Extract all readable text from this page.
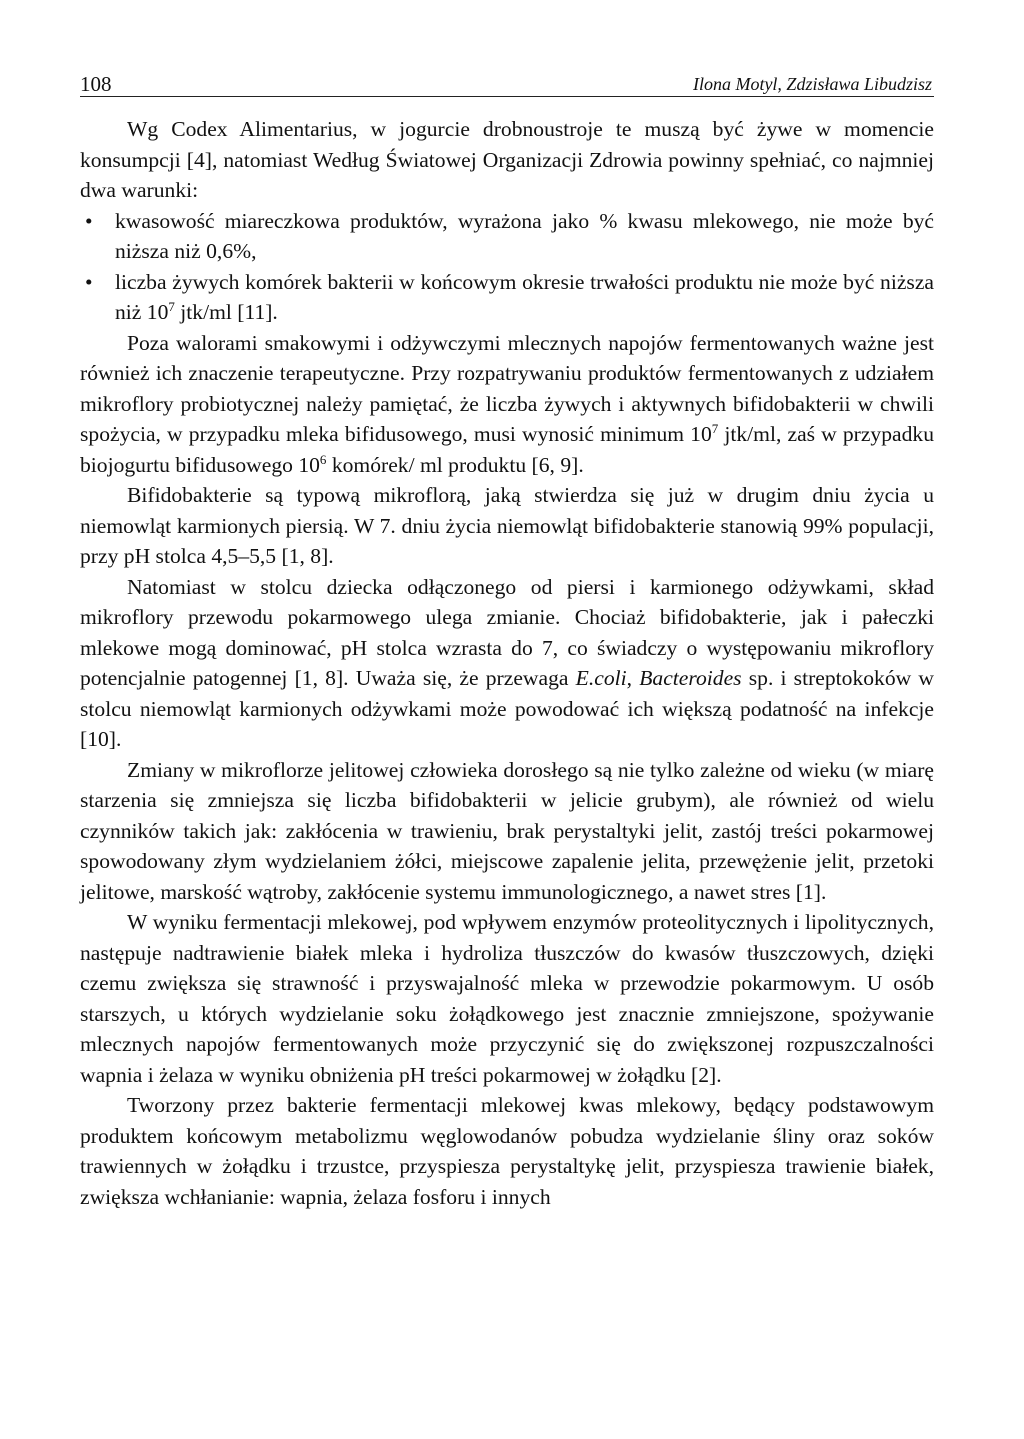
108	Ilona Motyl, Zdzisława Libudzisz

Wg Codex Alimentarius, w jogurcie drobnoustroje te muszą być żywe w momencie konsumpcji [4], natomiast Według Światowej Organizacji Zdrowia powinny spełniać, co najmniej dwa warunki:

• kwasowość miareczkowa produktów, wyrażona jako % kwasu mlekowego, nie może być niższa niż 0,6%,
• liczba żywych komórek bakterii w końcowym okresie trwałości produktu nie może być niższa niż $10^7$ jtk/ml [11].

Poza walorami smakowymi i odżywczymi mlecznych napojów fermentowanych ważne jest również ich znaczenie terapeutyczne. Przy rozpatrywaniu produktów fermentowanych z udziałem mikroflory probiotycznej należy pamiętać, że liczba żywych i aktywnych bifidobakterii w chwili spożycia, w przypadku mleka bifidusowego, musi wynosić minimum $10^7$ jtk/ml, zaś w przypadku biojogurtu bifidusowego $10^6$ komórek/ ml produktu [6, 9].

Bifidobakterie są typową mikroflorą, jaką stwierdza się już w drugim dniu życia u niemowląt karmionych piersią. W 7. dniu życia niemowląt bifidobakterie stanowią 99% populacji, przy pH stolca 4,5–5,5 [1, 8].

Natomiast w stolcu dziecka odłączonego od piersi i karmionego odżywkami, skład mikroflory przewodu pokarmowego ulega zmianie. Chociaż bifidobakterie, jak i pałeczki mlekowe mogą dominować, pH stolca wzrasta do 7, co świadczy o występowaniu mikroflory potencjalnie patogennej [1, 8]. Uważa się, że przewaga E.coli, Bacteroides sp. i streptokoków w stolcu niemowląt karmionych odżywkami może powodować ich większą podatność na infekcje [10].

Zmiany w mikroflorze jelitowej człowieka dorosłego są nie tylko zależne od wieku (w miarę starzenia się zmniejsza się liczba bifidobakterii w jelicie grubym), ale również od wielu czynników takich jak: zakłócenia w trawieniu, brak perystaltyki jelit, zastój treści pokarmowej spowodowany złym wydzielaniem żółci, miejscowe zapalenie jelita, przewężenie jelit, przetoki jelitowe, marskość wątroby, zakłócenie systemu immunologicznego, a nawet stres [1].

W wyniku fermentacji mlekowej, pod wpływem enzymów proteolitycznych i lipolitycznych, następuje nadtrawienie białek mleka i hydroliza tłuszczów do kwasów tłuszczowych, dzięki czemu zwiększa się strawność i przyswajalność mleka w przewodzie pokarmowym. U osób starszych, u których wydzielanie soku żołądkowego jest znacznie zmniejszone, spożywanie mlecznych napojów fermentowanych może przyczynić się do zwiększonej rozpuszczalności wapnia i żelaza w wyniku obniżenia pH treści pokarmowej w żołądku [2].

Tworzony przez bakterie fermentacji mlekowej kwas mlekowy, będący podstawowym produktem końcowym metabolizmu węglowodanów pobudza wydzielanie śliny oraz soków trawiennych w żołądku i trzustce, przyspiesza perystaltykę jelit, przyspiesza trawienie białek, zwiększa wchłanianie: wapnia, żelaza fosforu i innych
